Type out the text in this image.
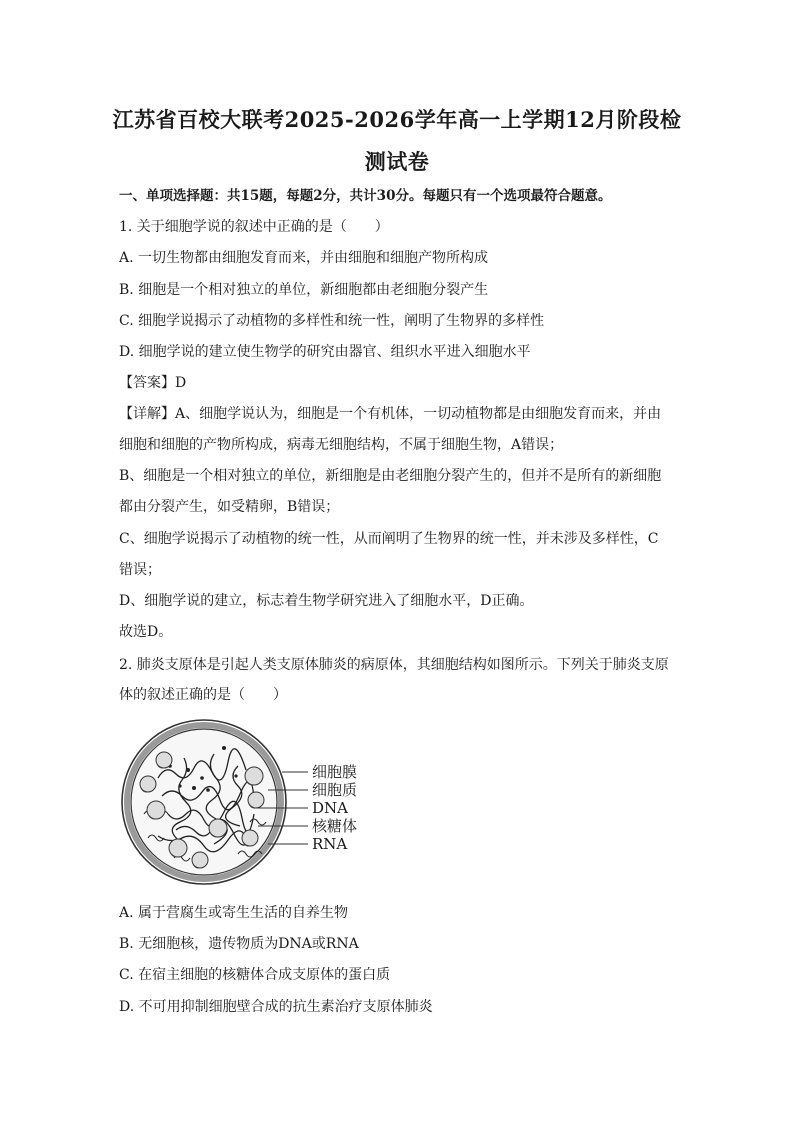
江苏省百校大联考2025-2026学年高一上学期12月阶段检
测试卷
一、单项选择题：共15题，每题2分，共计30分。每题只有一个选项最符合题意。
1. 关于细胞学说的叙述中正确的是（　　）
A. 一切生物都由细胞发育而来，并由细胞和细胞产物所构成
B. 细胞是一个相对独立的单位，新细胞都由老细胞分裂产生
C. 细胞学说揭示了动植物的多样性和统一性，阐明了生物界的多样性
D. 细胞学说的建立使生物学的研究由器官、组织水平进入细胞水平
【答案】D
【详解】A、细胞学说认为，细胞是一个有机体，一切动植物都是由细胞发育而来，并由
细胞和细胞的产物所构成，病毒无细胞结构，不属于细胞生物，A错误；
B、细胞是一个相对独立的单位，新细胞是由老细胞分裂产生的，但并不是所有的新细胞
都由分裂产生，如受精卵，B错误；
C、细胞学说揭示了动植物的统一性，从而阐明了生物界的统一性，并未涉及多样性，C
错误；
D、细胞学说的建立，标志着生物学研究进入了细胞水平，D正确。
故选D。
2. 肺炎支原体是引起人类支原体肺炎的病原体，其细胞结构如图所示。下列关于肺炎支原
体的叙述正确的是（　　）
细胞膜
细胞质
DNA
核糖体
RNA
A. 属于营腐生或寄生生活的自养生物
B. 无细胞核，遗传物质为DNA或RNA
C. 在宿主细胞的核糖体合成支原体的蛋白质
D. 不可用抑制细胞壁合成的抗生素治疗支原体肺炎
